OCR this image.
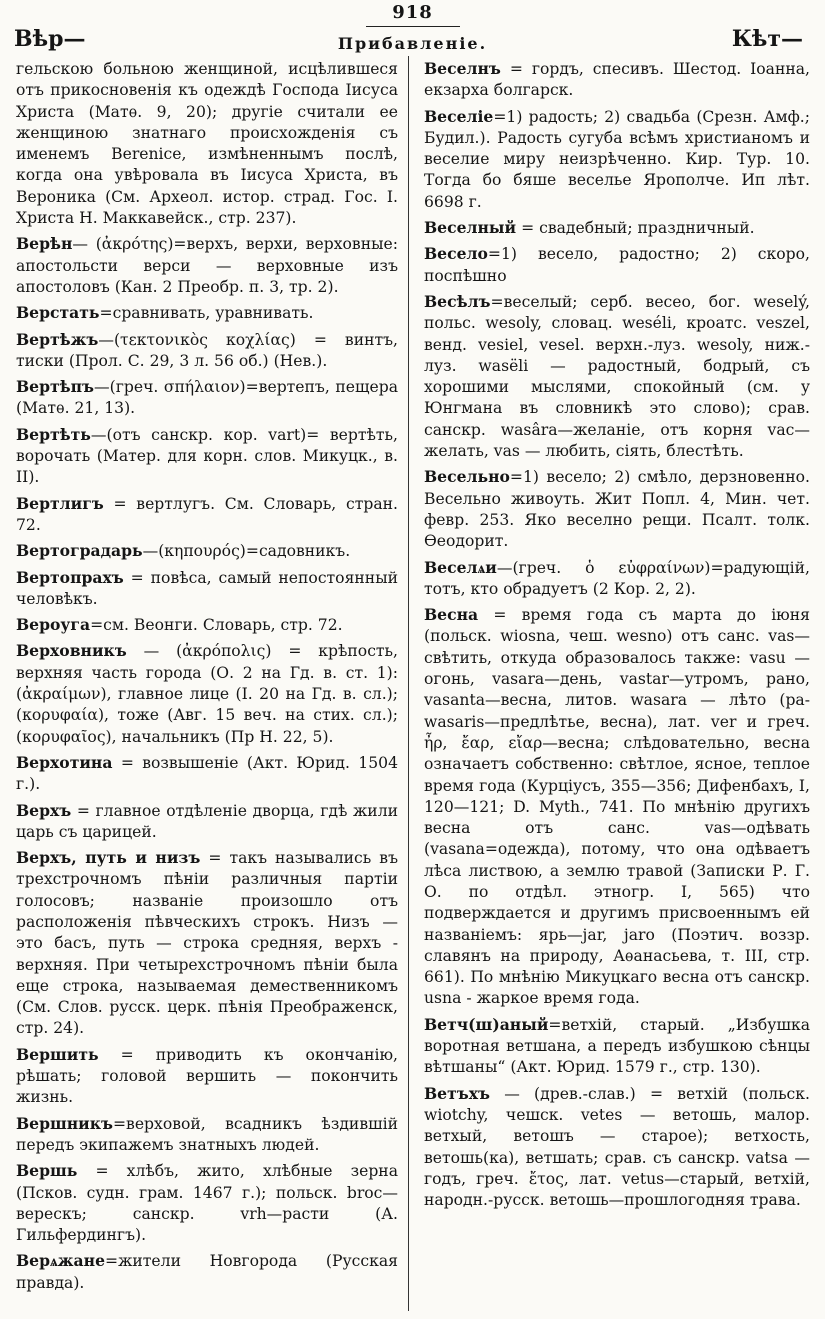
918
Вѣр—	Прибавленіе.	Кѣт—

гельскою больною женщиной, исцѣлившеся отъ прикосновенія къ одеждѣ Господа Іисуса Христа (Матѳ. 9, 20); другіе считали ее женщиною знатнаго происхожденія съ именемъ Berenice, измѣненнымъ послѣ, когда она увѣровала въ Іисуса Христа, въ Вероника (См. Археол. истор. страд. Гос. І. Христа Н. Маккавейск., стр. 237).

Верѣн— (ἀκρότης)=верхъ, верхи, верховные: апостольсти верси — верховные изъ апостоловъ (Кан. 2 Преобр. п. 3, тр. 2).

Верстать=сравнивать, уравнивать.

Вертѣжъ—(τεκτονικὸς κοχλίας) = винтъ, тиски (Прол. С. 29, 3 л. 56 об.) (Нев.).

Вертѣпъ—(греч. σπήλαιον)=вертепъ, пещера (Матѳ. 21, 13).

Вертѣть—(отъ санскр. кор. vart)= вертѣть, ворочать (Матер. для корн. слов. Микуцк., в. II).

Вертлигъ = вертлугъ. См. Словарь, стран. 72.

Вертоградарь—(κηπουρός)=садовникъ.

Вертопрахъ = повѣса, самый непостоянный человѣкъ.

Вероуга=см. Веонги. Словарь, стр. 72.

Верховникъ — (ἀκρόπολις) = крѣпость, верхняя часть города (О. 2 на Гд. в. ст. 1): (ἀκραίμων), главное лице (І. 20 на Гд. в. сл.); (κορυφαία), тоже (Авг. 15 веч. на стих. сл.); (κορυφαῖος), начальникъ (Пр Н. 22, 5).

Верхотина = возвышеніе (Акт. Юрид. 1504 г.).

Верхъ = главное отдѣленіе дворца, гдѣ жили царь съ царицей.

Верхъ, путь и низъ = такъ назывались въ трехстрочномъ пѣніи различныя партіи голосовъ; названіе произошло отъ расположенія пѣвческихъ строкъ. Низъ — это басъ, путь — строка средняя, верхъ - верхняя. При четырехстрочномъ пѣніи была еще строка, называемая демественникомъ (См. Слов. русск. церк. пѣнія Преображенск, стр. 24).

Вершить = приводить къ окончанію, рѣшать; головой вершить — покончить жизнь.

Вершникъ=верховой, всадникъ ѣздившій передъ экипажемъ знатныхъ людей.

Вершь = хлѣбъ, жито, хлѣбные зерна (Псков. судн. грам. 1467 г.); польск. brос—верескъ; санскр. vrh—расти (А. Гильфердингъ).

Верѧжане=жители Новгорода (Русская правда).

Веселнъ = гордъ, спесивъ. Шестод. Іоанна, екзарха болгарск.

Веселіе=1) радость; 2) свадьба (Срезн. Амф.; Будил.). Радость сугуба всѣмъ христианомъ и веселие миру неизрѣченно. Кир. Тур. 10. Тогда бо бяше веселье Ярополче. Ип лѣт. 6698 г.

Веселный = свадебный; праздничный.

Весело=1) весело, радостно; 2) скоро, поспѣшно

Весѣлъ=веселый; серб. весео, бог. weselý, польс. wesoly, словац. weséli, кроатс. veszel, венд. vesiel, vesel. верхн.-луз. wesoly, ниж.-луз. wasëli — радостный, бодрый, съ хорошими мыслями, спокойный (см. у Юнгмана въ словникѣ это слово); срав. санскр. wasâra—желаніе, отъ корня vас—желать, vаs — любить, сіять, блестѣть.

Весельно=1) весело; 2) смѣло, дерзновенно. Весельно живоуть. Жит Попл. 4, Мин. чет. февр. 253. Яко веселно рещи. Псалт. толк. Ѳеодорит.

Веселѧи—(греч. ὁ εὐφραίνων)=радующій, тотъ, кто обрадуетъ (2 Кор. 2, 2).

Весна = время года съ марта до іюня (польск. wiosna, чеш. wesno) отъ санс. vas—свѣтить, откуда образовалось также: vasu — огонь, vasara—день, vastar—утромъ, рано, vasanta—весна, литов. wasara — лѣто (pa-wasaris—предлѣтье, весна), лат. ver и греч. ἦρ, ἔαρ, εἴαρ—весна; слѣдовательно, весна означаетъ собственно: свѣтлое, ясное, теплое время года (Курціусъ, 355—356; Дифенбахъ, I, 120—121; D. Myth., 741. По мнѣнію другихъ весна отъ санс. vas—одѣвать (vasana=одежда), потому, что она одѣваетъ лѣса листвою, а землю травой (Записки Р. Г. О. по отдѣл. этногр. I, 565) что подверждается и другимъ присвоеннымъ ей названіемъ: ярь—jar, jaro (Поэтич. воззр. славянъ на природу, Аѳанасьева, т. III, стр. 661). По мнѣнію Микуцкаго весна отъ санскр. usna - жаркое время года.

Ветч(ш)аный=ветхій, старый. „Избушка воротная ветшана, а передъ избушкою сѣнцы вѣтшаны“ (Акт. Юрид. 1579 г., стр. 130).

Ветъхъ — (древ.-слав.) = ветхій (польск. wiotchy, чешск. vetes — ветошь, малор. ветхый, ветошъ — старое); ветхость, ветошь(ка), ветшать; срав. съ санскр. vatsa — годъ, греч. ἔτος, лат. vetus—старый, ветхій, народн.-русск. ветошь—прошлогодняя трава.
